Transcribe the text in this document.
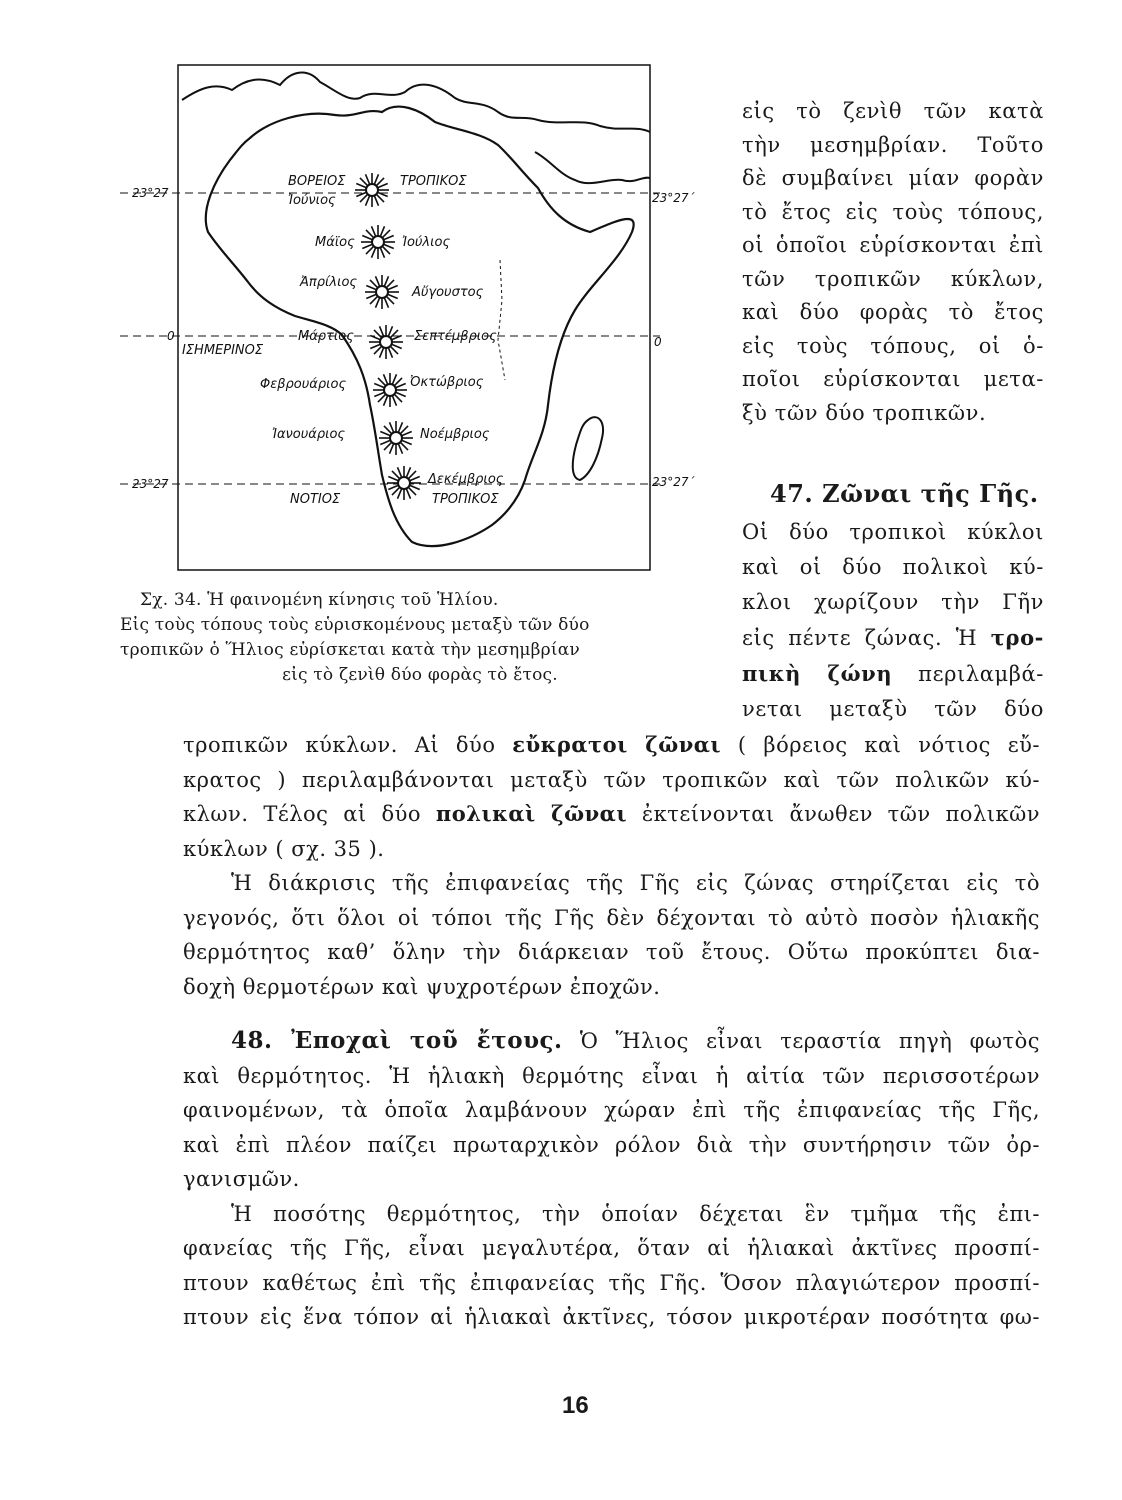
23°27	23°27΄
0	0
23°27	23°27΄
ΒΟΡΕΙΟΣ	ΤΡΟΠΙΚΟΣ
ΙΣΗΜΕΡΙΝΟΣ
ΝΟΤΙΟΣ	ΤΡΟΠΙΚΟΣ
Ἰούνιος
Μάϊος	Ἰούλιος
Ἀπρίλιος
Αὔγουστος
Μάρτιος	Σεπτέμβριος
Φεβρουάριος	Ὀκτώβριος
Ἰανουάριος	Νοέμβριος
Δεκέμβριος
Σχ. 34. Ἡ φαινομένη κίνησις τοῦ Ἡλίου.
Εἰς τοὺς τόπους τοὺς εὑρισκομένους μεταξὺ τῶν δύο
τροπικῶν ὁ Ἥλιος εὑρίσκεται κατὰ τὴν μεσημβρίαν
εἰς τὸ ζενὶθ δύο φορὰς τὸ ἔτος.
εἰς τὸ ζενὶθ τῶν κατὰ
τὴν μεσημβρίαν. Τοῦτο
δὲ συμβαίνει μίαν φορὰν
τὸ ἔτος εἰς τοὺς τόπους,
οἱ ὁποῖοι εὑρίσκονται ἐπὶ
τῶν τροπικῶν κύκλων,
καὶ δύο φορὰς τὸ ἔτος
εἰς τοὺς τόπους, οἱ ὁ-
ποῖοι εὑρίσκονται μετα-
ξὺ τῶν δύο τροπικῶν.
47. Ζῶναι τῆς Γῆς.
Οἱ δύο τροπικοὶ κύκλοι
καὶ οἱ δύο πολικοὶ κύ-
κλοι χωρίζουν τὴν Γῆν
εἰς πέντε ζώνας. Ἡ τρο-
πικὴ ζώνη περιλαμβά-
νεται μεταξὺ τῶν δύο
τροπικῶν κύκλων. Αἱ δύο εὔκρατοι ζῶναι ( βόρειος καὶ νότιος εὔ-
κρατος ) περιλαμβάνονται μεταξὺ τῶν τροπικῶν καὶ τῶν πολικῶν κύ-
κλων. Τέλος αἱ δύο πολικαὶ ζῶναι ἐκτείνονται ἄνωθεν τῶν πολικῶν
κύκλων ( σχ. 35 ).
Ἡ διάκρισις τῆς ἐπιφανείας τῆς Γῆς εἰς ζώνας στηρίζεται εἰς τὸ
γεγονός, ὅτι ὅλοι οἱ τόποι τῆς Γῆς δὲν δέχονται τὸ αὐτὸ ποσὸν ἡλιακῆς
θερμότητος καθ’ ὅλην τὴν διάρκειαν τοῦ ἔτους. Οὕτω προκύπτει δια-
δοχὴ θερμοτέρων καὶ ψυχροτέρων ἐποχῶν.
48. Ἐποχαὶ τοῦ ἔτους. Ὁ Ἥλιος εἶναι τεραστία πηγὴ φωτὸς
καὶ θερμότητος. Ἡ ἡλιακὴ θερμότης εἶναι ἡ αἰτία τῶν περισσοτέρων
φαινομένων, τὰ ὁποῖα λαμβάνουν χώραν ἐπὶ τῆς ἐπιφανείας τῆς Γῆς,
καὶ ἐπὶ πλέον παίζει πρωταρχικὸν ρόλον διὰ τὴν συντήρησιν τῶν ὀρ-
γανισμῶν.
Ἡ ποσότης θερμότητος, τὴν ὁποίαν δέχεται ἓν τμῆμα τῆς ἐπι-
φανείας τῆς Γῆς, εἶναι μεγαλυτέρα, ὅταν αἱ ἡλιακαὶ ἀκτῖνες προσπί-
πτουν καθέτως ἐπὶ τῆς ἐπιφανείας τῆς Γῆς. Ὅσον πλαγιώτερον προσπί-
πτουν εἰς ἕνα τόπον αἱ ἡλιακαὶ ἀκτῖνες, τόσον μικροτέραν ποσότητα φω-
16
